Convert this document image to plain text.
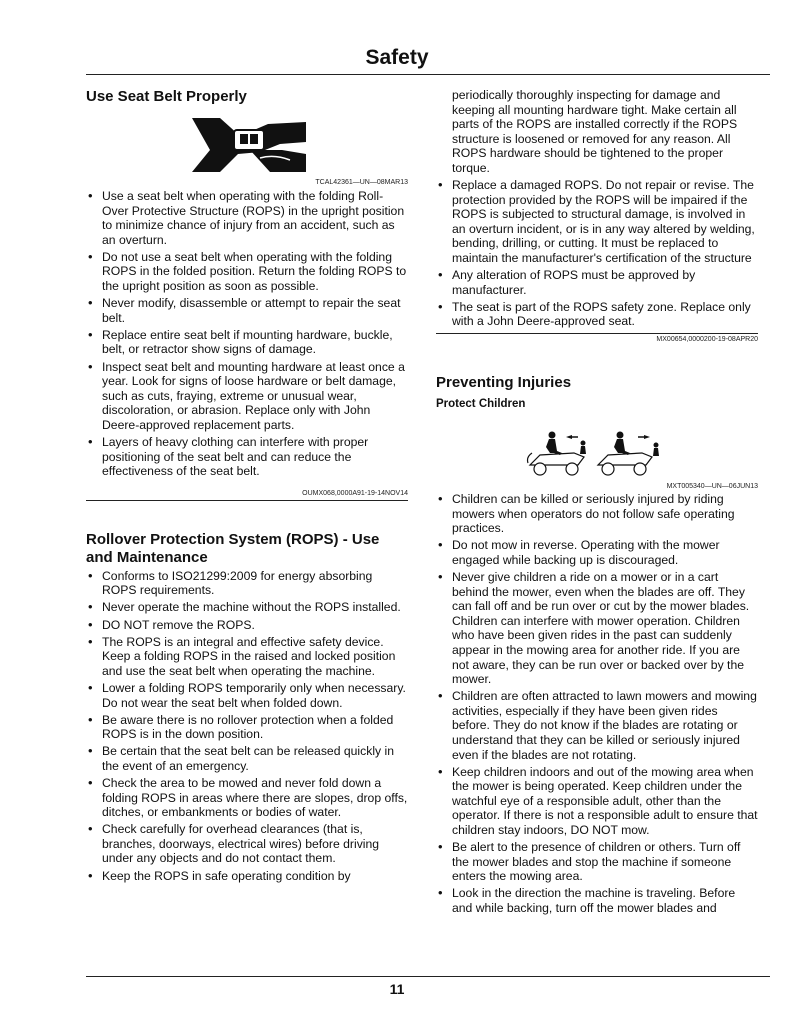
Safety
Use Seat Belt Properly
TCAL42361—UN—08MAR13
• Use a seat belt when operating with the folding Roll-Over Protective Structure (ROPS) in the upright position to minimize chance of injury from an accident, such as an overturn.
• Do not use a seat belt when operating with the folding ROPS in the folded position. Return the folding ROPS to the upright position as soon as possible.
• Never modify, disassemble or attempt to repair the seat belt.
• Replace entire seat belt if mounting hardware, buckle, belt, or retractor show signs of damage.
• Inspect seat belt and mounting hardware at least once a year. Look for signs of loose hardware or belt damage, such as cuts, fraying, extreme or unusual wear, discoloration, or abrasion. Replace only with John Deere-approved replacement parts.
• Layers of heavy clothing can interfere with proper positioning of the seat belt and can reduce the effectiveness of the seat belt.
OUMX068,0000A91-19-14NOV14
Rollover Protection System (ROPS) - Use and Maintenance
• Conforms to ISO21299:2009 for energy absorbing ROPS requirements.
• Never operate the machine without the ROPS installed.
• DO NOT remove the ROPS.
• The ROPS is an integral and effective safety device. Keep a folding ROPS in the raised and locked position and use the seat belt when operating the machine.
• Lower a folding ROPS temporarily only when necessary. Do not wear the seat belt when folded down.
• Be aware there is no rollover protection when a folded ROPS is in the down position.
• Be certain that the seat belt can be released quickly in the event of an emergency.
• Check the area to be mowed and never fold down a folding ROPS in areas where there are slopes, drop offs, ditches, or embankments or bodies of water.
• Check carefully for overhead clearances (that is, branches, doorways, electrical wires) before driving under any objects and do not contact them.
• Keep the ROPS in safe operating condition by

periodically thoroughly inspecting for damage and keeping all mounting hardware tight. Make certain all parts of the ROPS are installed correctly if the ROPS structure is loosened or removed for any reason. All ROPS hardware should be tightened to the proper torque.

• Replace a damaged ROPS. Do not repair or revise. The protection provided by the ROPS will be impaired if the ROPS is subjected to structural damage, is involved in an overturn incident, or is in any way altered by welding, bending, drilling, or cutting. It must be replaced to maintain the manufacturer's certification of the structure
• Any alteration of ROPS must be approved by manufacturer.
• The seat is part of the ROPS safety zone. Replace only with a John Deere-approved seat.
MX00654,0000200-19-08APR20
Preventing Injuries
Protect Children
MXT005340—UN—06JUN13
• Children can be killed or seriously injured by riding mowers when operators do not follow safe operating practices.
• Do not mow in reverse. Operating with the mower engaged while backing up is discouraged.
• Never give children a ride on a mower or in a cart behind the mower, even when the blades are off. They can fall off and be run over or cut by the mower blades. Children can interfere with mower operation. Children who have been given rides in the past can suddenly appear in the mowing area for another ride. If you are not aware, they can be run over or backed over by the mower.
• Children are often attracted to lawn mowers and mowing activities, especially if they have been given rides before. They do not know if the blades are rotating or understand that they can be killed or seriously injured even if the blades are not rotating.
• Keep children indoors and out of the mowing area when the mower is being operated. Keep children under the watchful eye of a responsible adult, other than the operator. If there is not a responsible adult to ensure that children stay indoors, DO NOT mow.
• Be alert to the presence of children or others. Turn off the mower blades and stop the machine if someone enters the mowing area.
• Look in the direction the machine is traveling. Before and while backing, turn off the mower blades and
11
